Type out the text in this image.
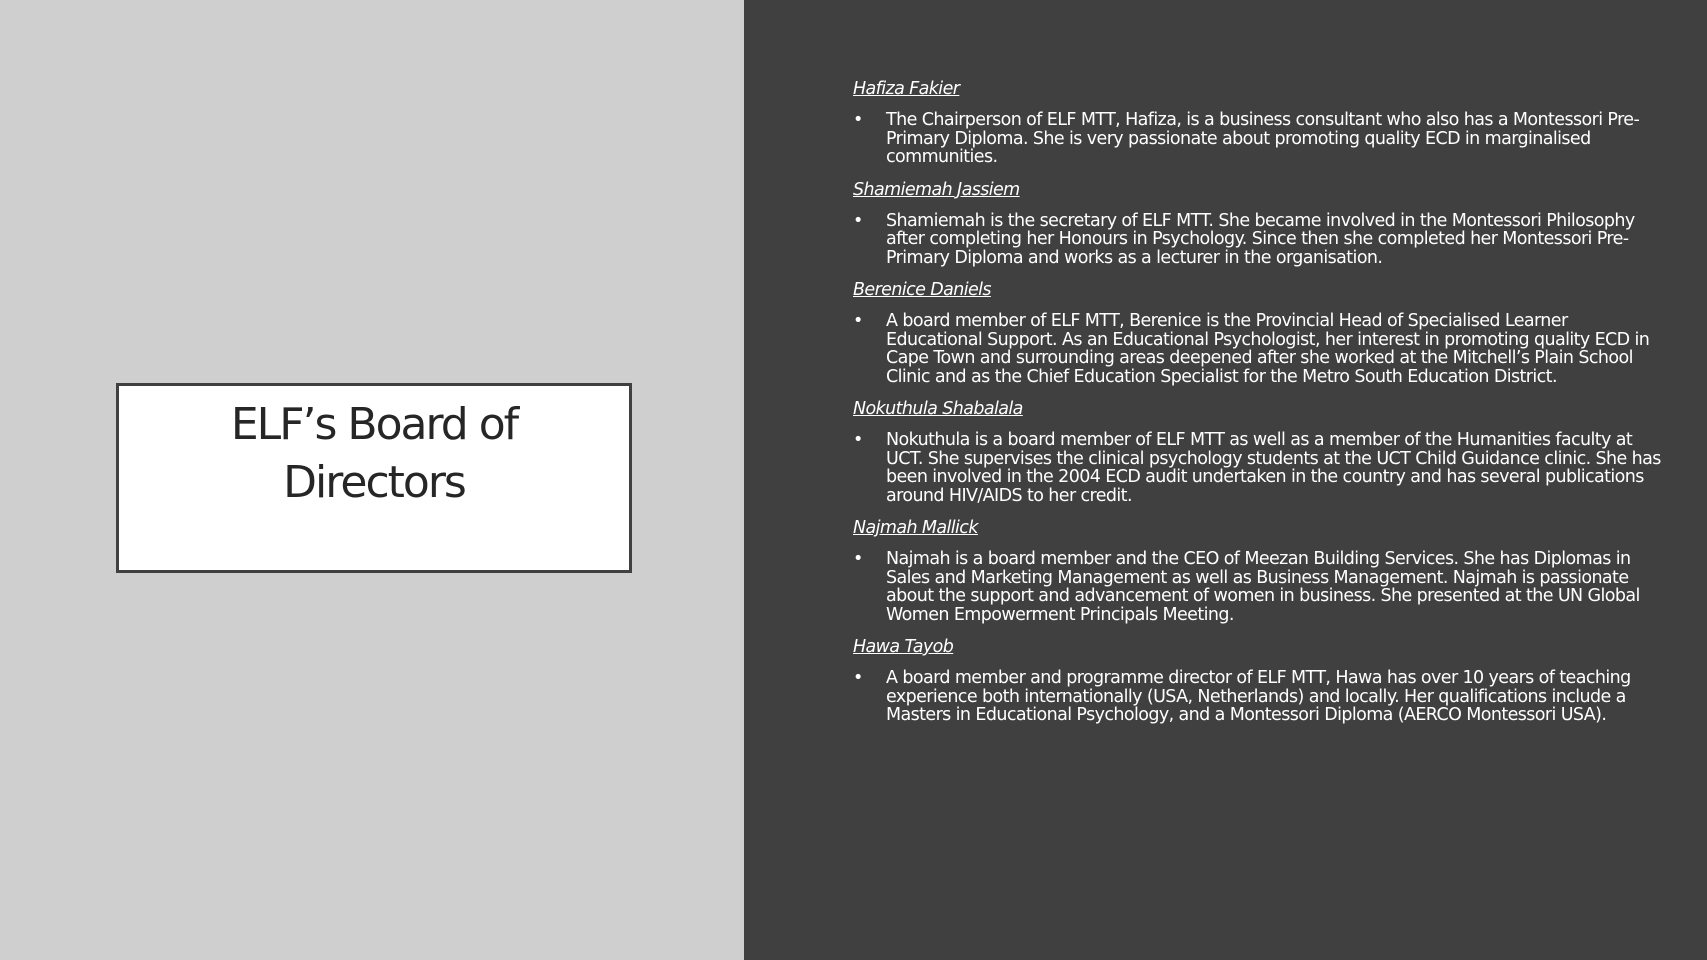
ELF’s Board of
Directors
Hafiza Fakier
• The Chairperson of ELF MTT, Hafiza, is a business consultant who also has a Montessori Pre-Primary Diploma. She is very passionate about promoting quality ECD in marginalised communities.
Shamiemah Jassiem
• Shamiemah is the secretary of ELF MTT. She became involved in the Montessori Philosophy after completing her Honours in Psychology. Since then she completed her Montessori Pre-Primary Diploma and works as a lecturer in the organisation.
Berenice Daniels
• A board member of ELF MTT, Berenice is the Provincial Head of Specialised Learner Educational Support. As an Educational Psychologist, her interest in promoting quality ECD in Cape Town and surrounding areas deepened after she worked at the Mitchell’s Plain School Clinic and as the Chief Education Specialist for the Metro South Education District.
Nokuthula Shabalala
• Nokuthula is a board member of ELF MTT as well as a member of the Humanities faculty at UCT. She supervises the clinical psychology students at the UCT Child Guidance clinic. She has been involved in the 2004 ECD audit undertaken in the country and has several publications around HIV/AIDS to her credit.
Najmah Mallick
• Najmah is a board member and the CEO of Meezan Building Services. She has Diplomas in Sales and Marketing Management as well as Business Management. Najmah is passionate about the support and advancement of women in business. She presented at the UN Global Women Empowerment Principals Meeting.
Hawa Tayob
• A board member and programme director of ELF MTT, Hawa has over 10 years of teaching experience both internationally (USA, Netherlands) and locally. Her qualifications include a Masters in Educational Psychology, and a Montessori Diploma (AERCO Montessori USA).
